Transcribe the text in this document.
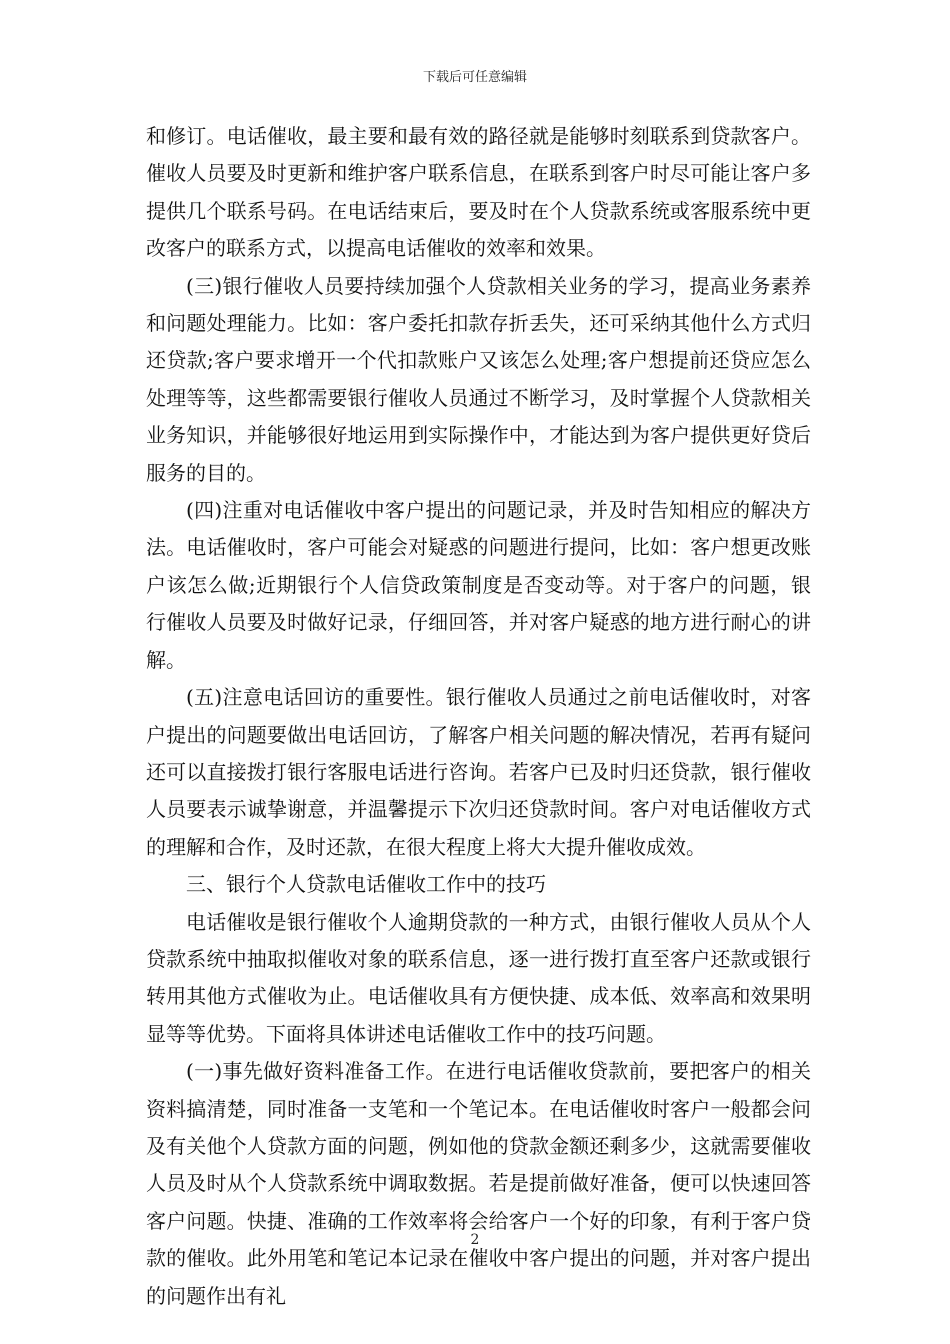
下载后可任意编辑

和修订。电话催收，最主要和最有效的路径就是能够时刻联系到贷款客户。催收人员要及时更新和维护客户联系信息，在联系到客户时尽可能让客户多提供几个联系号码。在电话结束后，要及时在个人贷款系统或客服系统中更改客户的联系方式，以提高电话催收的效率和效果。

(三)银行催收人员要持续加强个人贷款相关业务的学习，提高业务素养和问题处理能力。比如：客户委托扣款存折丢失，还可采纳其他什么方式归还贷款;客户要求增开一个代扣款账户又该怎么处理;客户想提前还贷应怎么处理等等，这些都需要银行催收人员通过不断学习，及时掌握个人贷款相关业务知识，并能够很好地运用到实际操作中，才能达到为客户提供更好贷后服务的目的。

(四)注重对电话催收中客户提出的问题记录，并及时告知相应的解决方法。电话催收时，客户可能会对疑惑的问题进行提问，比如：客户想更改账户该怎么做;近期银行个人信贷政策制度是否变动等。对于客户的问题，银行催收人员要及时做好记录，仔细回答，并对客户疑惑的地方进行耐心的讲解。

(五)注意电话回访的重要性。银行催收人员通过之前电话催收时，对客户提出的问题要做出电话回访，了解客户相关问题的解决情况，若再有疑问还可以直接拨打银行客服电话进行咨询。若客户已及时归还贷款，银行催收人员要表示诚挚谢意，并温馨提示下次归还贷款时间。客户对电话催收方式的理解和合作，及时还款，在很大程度上将大大提升催收成效。

三、银行个人贷款电话催收工作中的技巧

电话催收是银行催收个人逾期贷款的一种方式，由银行催收人员从个人贷款系统中抽取拟催收对象的联系信息，逐一进行拨打直至客户还款或银行转用其他方式催收为止。电话催收具有方便快捷、成本低、效率高和效果明显等等优势。下面将具体讲述电话催收工作中的技巧问题。

(一)事先做好资料准备工作。在进行电话催收贷款前，要把客户的相关资料搞清楚，同时准备一支笔和一个笔记本。在电话催收时客户一般都会问及有关他个人贷款方面的问题，例如他的贷款金额还剩多少，这就需要催收人员及时从个人贷款系统中调取数据。若是提前做好准备，便可以快速回答客户问题。快捷、准确的工作效率将会给客户一个好的印象，有利于客户贷款的催收。此外用笔和笔记本记录在催收中客户提出的问题，并对客户提出的问题作出有礼

2
